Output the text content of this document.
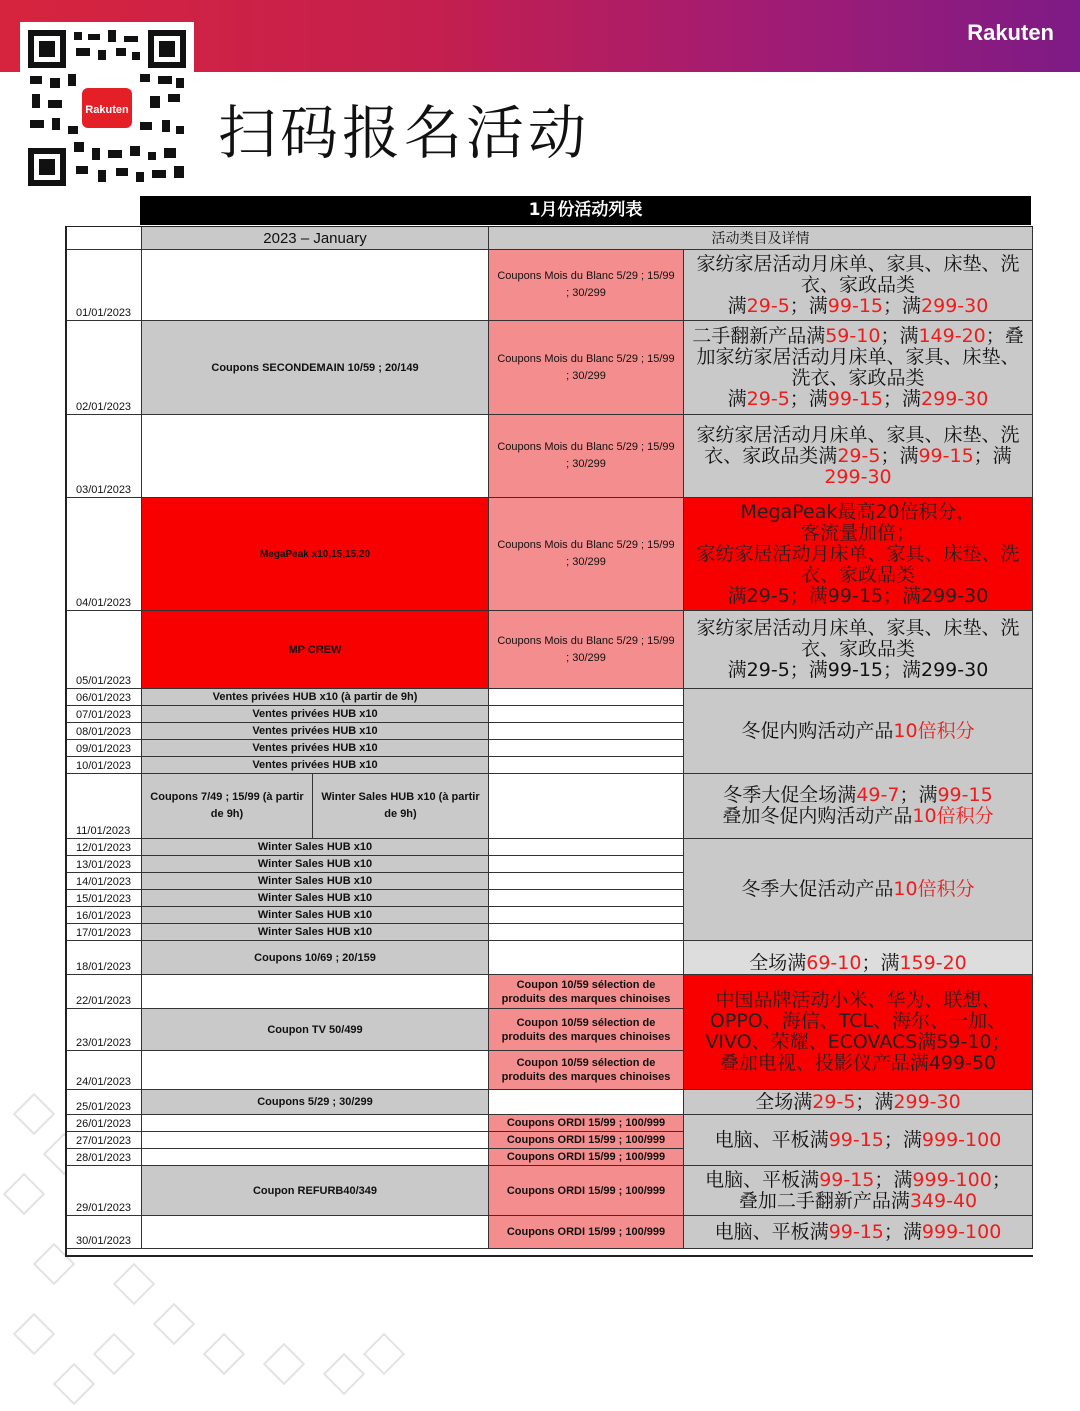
Rakuten
Rakuten 扫码报名活动
1月份活动列表
2023 – January	活动类目及详情
01/01/2023
02/01/2023
03/01/2023
04/01/2023
05/01/2023
06/01/2023
07/01/2023
08/01/2023
09/01/2023
10/01/2023
11/01/2023
12/01/2023
13/01/2023
14/01/2023
15/01/2023
16/01/2023
17/01/2023
18/01/2023
22/01/2023
23/01/2023
24/01/2023
25/01/2023
26/01/2023
27/01/2023
28/01/2023
29/01/2023
30/01/2023
Coupons SECONDEMAIN 10/59 ; 20/149
MegaPeak x10,15,15,20
MP CREW
Ventes privées HUB x10 (à partir de 9h)
Ventes privées HUB x10
Ventes privées HUB x10
Ventes privées HUB x10
Ventes privées HUB x10
Coupons 7/49 ; 15/99 (à partir de 9h)
Winter Sales HUB x10 (à partir de 9h)
Winter Sales HUB x10
Winter Sales HUB x10
Winter Sales HUB x10
Winter Sales HUB x10
Winter Sales HUB x10
Winter Sales HUB x10
Coupons 10/69 ; 20/159
Coupon TV 50/499
Coupons 5/29 ; 30/299
Coupon REFURB40/349
Coupons Mois du Blanc 5/29 ; 15/99 ; 30/299
Coupons Mois du Blanc 5/29 ; 15/99 ; 30/299
Coupons Mois du Blanc 5/29 ; 15/99 ; 30/299
Coupons Mois du Blanc 5/29 ; 15/99 ; 30/299
Coupons Mois du Blanc 5/29 ; 15/99 ; 30/299
Coupon 10/59 sélection de produits des marques chinoises
Coupon 10/59 sélection de produits des marques chinoises
Coupon 10/59 sélection de produits des marques chinoises
Coupons ORDI 15/99 ; 100/999
Coupons ORDI 15/99 ; 100/999
Coupons ORDI 15/99 ; 100/999
Coupons ORDI 15/99 ; 100/999
Coupons ORDI 15/99 ; 100/999
家纺家居活动月床单、家具、床垫、洗衣、家政品类
满29-5；满99-15；满299-30
二手翻新产品满59-10；满149-20；叠加家纺家居活动月床单、家具、床垫、洗衣、家政品类
满29-5；满99-15；满299-30
家纺家居活动月床单、家具、床垫、洗衣、家政品类满29-5；满99-15；满299-30
MegaPeak最高20倍积分，
客流量加倍；
家纺家居活动月床单、家具、床垫、洗衣、家政品类
满29-5；满99-15；满299-30
家纺家居活动月床单、家具、床垫、洗衣、家政品类
满29-5；满99-15；满299-30
冬促内购活动产品10倍积分
冬季大促全场满49-7；满99-15
叠加冬促内购活动产品10倍积分
冬季大促活动产品10倍积分
全场满69-10；满159-20
中国品牌活动小米、华为、联想、OPPO、海信、TCL、海尔、一加、VIVO、荣耀、ECOVACS满59-10；
叠加电视、投影仪产品满499-50
全场满29-5；满299-30
电脑、平板满99-15；满999-100
电脑、平板满99-15；满999-100；
叠加二手翻新产品满349-40
电脑、平板满99-15；满999-100
